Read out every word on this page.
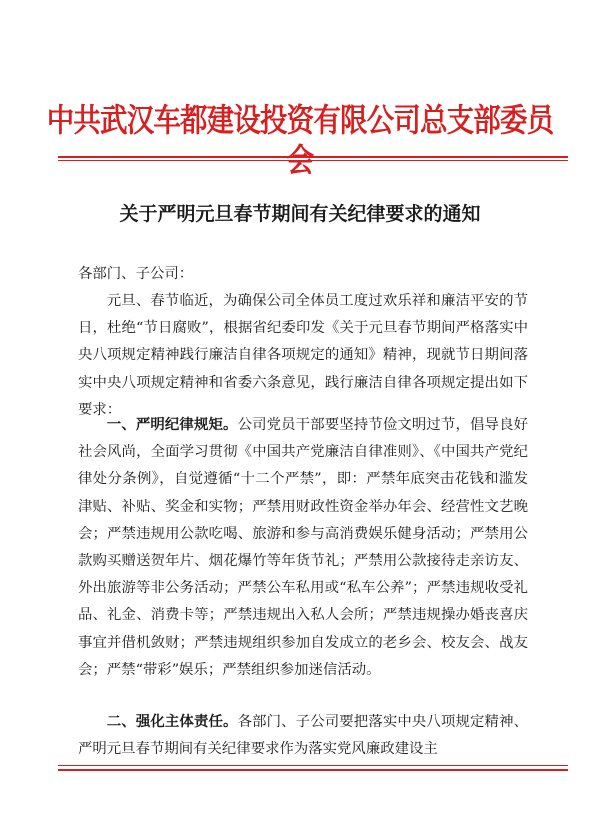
中共武汉车都建设投资有限公司总支部委员
关于严明元旦春节期间有关纪律要求的通知
各部门、子公司：
元旦、春节临近，为确保公司全体员工度过欢乐祥和廉洁平安的节日，杜绝“节日腐败”，根据省纪委印发《关于元旦春节期间严格落实中央八项规定精神践行廉洁自律各项规定的通知》精神，现就节日期间落实中央八项规定精神和省委六条意见，践行廉洁自律各项规定提出如下要求：
一、严明纪律规矩。公司党员干部要坚持节俭文明过节，倡导良好社会风尚，全面学习贯彻《中国共产党廉洁自律准则》、《中国共产党纪律处分条例》，自觉遵循“十二个严禁”，即：严禁年底突击花钱和滥发津贴、补贴、奖金和实物；严禁用财政性资金举办年会、经营性文艺晚会；严禁违规用公款吃喝、旅游和参与高消费娱乐健身活动；严禁用公款购买赠送贺年片、烟花爆竹等年货节礼；严禁用公款接待走亲访友、外出旅游等非公务活动；严禁公车私用或“私车公养”；严禁违规收受礼品、礼金、消费卡等；严禁违规出入私人会所；严禁违规操办婚丧喜庆事宜并借机敛财；严禁违规组织参加自发成立的老乡会、校友会、战友会；严禁“带彩”娱乐；严禁组织参加迷信活动。
二、强化主体责任。各部门、子公司要把落实中央八项规定精神、严明元旦春节期间有关纪律要求作为落实党风廉政建设主
